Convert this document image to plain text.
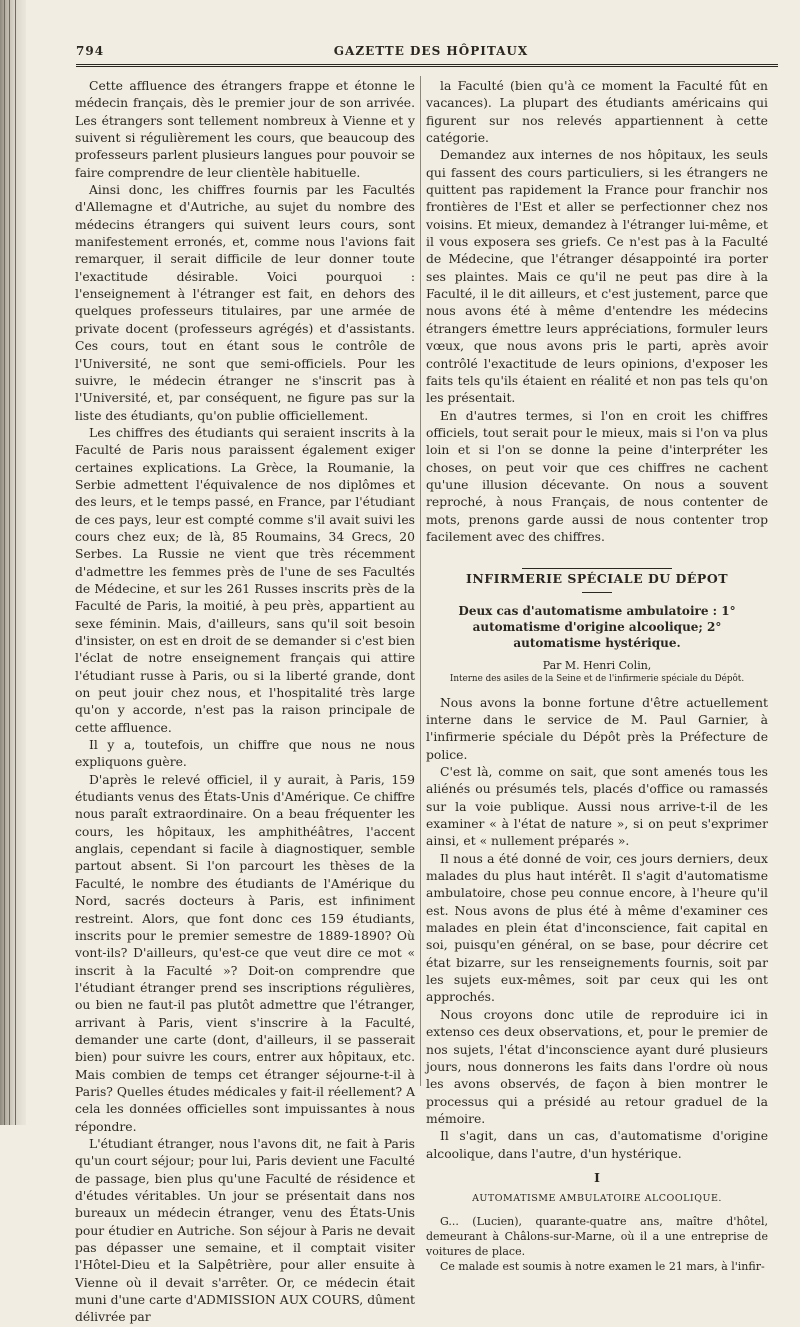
794	GAZETTE DES HÔPITAUX

Cette affluence des étrangers frappe et étonne le médecin français, dès le premier jour de son arrivée. Les étrangers sont tellement nombreux à Vienne et y suivent si régulièrement les cours, que beaucoup des professeurs parlent plusieurs langues pour pouvoir se faire comprendre de leur clientèle habituelle.

Ainsi donc, les chiffres fournis par les Facultés d'Allemagne et d'Autriche, au sujet du nombre des médecins étrangers qui suivent leurs cours, sont manifestement erronés, et, comme nous l'avions fait remarquer, il serait difficile de leur donner toute l'exactitude désirable. Voici pourquoi : l'enseignement à l'étranger est fait, en dehors des quelques professeurs titulaires, par une armée de private docent (professeurs agrégés) et d'assistants. Ces cours, tout en étant sous le contrôle de l'Université, ne sont que semi-officiels. Pour les suivre, le médecin étranger ne s'inscrit pas à l'Université, et, par conséquent, ne figure pas sur la liste des étudiants, qu'on publie officiellement.

Les chiffres des étudiants qui seraient inscrits à la Faculté de Paris nous paraissent également exiger certaines explications. La Grèce, la Roumanie, la Serbie admettent l'équivalence de nos diplômes et des leurs, et le temps passé, en France, par l'étudiant de ces pays, leur est compté comme s'il avait suivi les cours chez eux; de là, 85 Roumains, 34 Grecs, 20 Serbes. La Russie ne vient que très récemment d'admettre les femmes près de l'une de ses Facultés de Médecine, et sur les 261 Russes inscrits près de la Faculté de Paris, la moitié, à peu près, appartient au sexe féminin. Mais, d'ailleurs, sans qu'il soit besoin d'insister, on est en droit de se demander si c'est bien l'éclat de notre enseignement français qui attire l'étudiant russe à Paris, ou si la liberté grande, dont on peut jouir chez nous, et l'hospitalité très large qu'on y accorde, n'est pas la raison principale de cette affluence.

Il y a, toutefois, un chiffre que nous ne nous expliquons guère.

D'après le relevé officiel, il y aurait, à Paris, 159 étudiants venus des États-Unis d'Amérique. Ce chiffre nous paraît extraordinaire. On a beau fréquenter les cours, les hôpitaux, les amphithéâtres, l'accent anglais, cependant si facile à diagnostiquer, semble partout absent. Si l'on parcourt les thèses de la Faculté, le nombre des étudiants de l'Amérique du Nord, sacrés docteurs à Paris, est infiniment restreint. Alors, que font donc ces 159 étudiants, inscrits pour le premier semestre de 1889-1890? Où vont-ils? D'ailleurs, qu'est-ce que veut dire ce mot « inscrit à la Faculté »? Doit-on comprendre que l'étudiant étranger prend ses inscriptions régulières, ou bien ne faut-il pas plutôt admettre que l'étranger, arrivant à Paris, vient s'inscrire à la Faculté, demander une carte (dont, d'ailleurs, il se passerait bien) pour suivre les cours, entrer aux hôpitaux, etc. Mais combien de temps cet étranger séjourne-t-il à Paris? Quelles études médicales y fait-il réellement? A cela les données officielles sont impuissantes à nous répondre.

L'étudiant étranger, nous l'avons dit, ne fait à Paris qu'un court séjour; pour lui, Paris devient une Faculté de passage, bien plus qu'une Faculté de résidence et d'études véritables. Un jour se présentait dans nos bureaux un médecin étranger, venu des États-Unis pour étudier en Autriche. Son séjour à Paris ne devait pas dépasser une semaine, et il comptait visiter l'Hôtel-Dieu et la Salpêtrière, pour aller ensuite à Vienne où il devait s'arrêter. Or, ce médecin était muni d'une carte d'ADMISSION AUX COURS, dûment délivrée par

la Faculté (bien qu'à ce moment la Faculté fût en vacances). La plupart des étudiants américains qui figurent sur nos relevés appartiennent à cette catégorie.

Demandez aux internes de nos hôpitaux, les seuls qui fassent des cours particuliers, si les étrangers ne quittent pas rapidement la France pour franchir nos frontières de l'Est et aller se perfectionner chez nos voisins. Et mieux, demandez à l'étranger lui-même, et il vous exposera ses griefs. Ce n'est pas à la Faculté de Médecine, que l'étranger désappointé ira porter ses plaintes. Mais ce qu'il ne peut pas dire à la Faculté, il le dit ailleurs, et c'est justement, parce que nous avons été à même d'entendre les médecins étrangers émettre leurs appréciations, formuler leurs vœux, que nous avons pris le parti, après avoir contrôlé l'exactitude de leurs opinions, d'exposer les faits tels qu'ils étaient en réalité et non pas tels qu'on les présentait.

En d'autres termes, si l'on en croit les chiffres officiels, tout serait pour le mieux, mais si l'on va plus loin et si l'on se donne la peine d'interpréter les choses, on peut voir que ces chiffres ne cachent qu'une illusion décevante. On nous a souvent reproché, à nous Français, de nous contenter de mots, prenons garde aussi de nous contenter trop facilement avec des chiffres.

INFIRMERIE SPÉCIALE DU DÉPOT
Deux cas d'automatisme ambulatoire : 1° automatisme d'origine alcoolique; 2° automatisme hystérique.
Par M. Henri Colin,
Interne des asiles de la Seine et de l'infirmerie spéciale du Dépôt.

Nous avons la bonne fortune d'être actuellement interne dans le service de M. Paul Garnier, à l'infirmerie spéciale du Dépôt près la Préfecture de police.

C'est là, comme on sait, que sont amenés tous les aliénés ou présumés tels, placés d'office ou ramassés sur la voie publique. Aussi nous arrive-t-il de les examiner « à l'état de nature », si on peut s'exprimer ainsi, et « nullement préparés ».

Il nous a été donné de voir, ces jours derniers, deux malades du plus haut intérêt. Il s'agit d'automatisme ambulatoire, chose peu connue encore, à l'heure qu'il est. Nous avons de plus été à même d'examiner ces malades en plein état d'inconscience, fait capital en soi, puisqu'en général, on se base, pour décrire cet état bizarre, sur les renseignements fournis, soit par les sujets eux-mêmes, soit par ceux qui les ont approchés.

Nous croyons donc utile de reproduire ici in extenso ces deux observations, et, pour le premier de nos sujets, l'état d'inconscience ayant duré plusieurs jours, nous donnerons les faits dans l'ordre où nous les avons observés, de façon à bien montrer le processus qui a présidé au retour graduel de la mémoire.

Il s'agit, dans un cas, d'automatisme d'origine alcoolique, dans l'autre, d'un hystérique.

I
AUTOMATISME AMBULATOIRE ALCOOLIQUE.

G... (Lucien), quarante-quatre ans, maître d'hôtel, demeurant à Châlons-sur-Marne, où il a une entreprise de voitures de place.

Ce malade est soumis à notre examen le 21 mars, à l'infir-
